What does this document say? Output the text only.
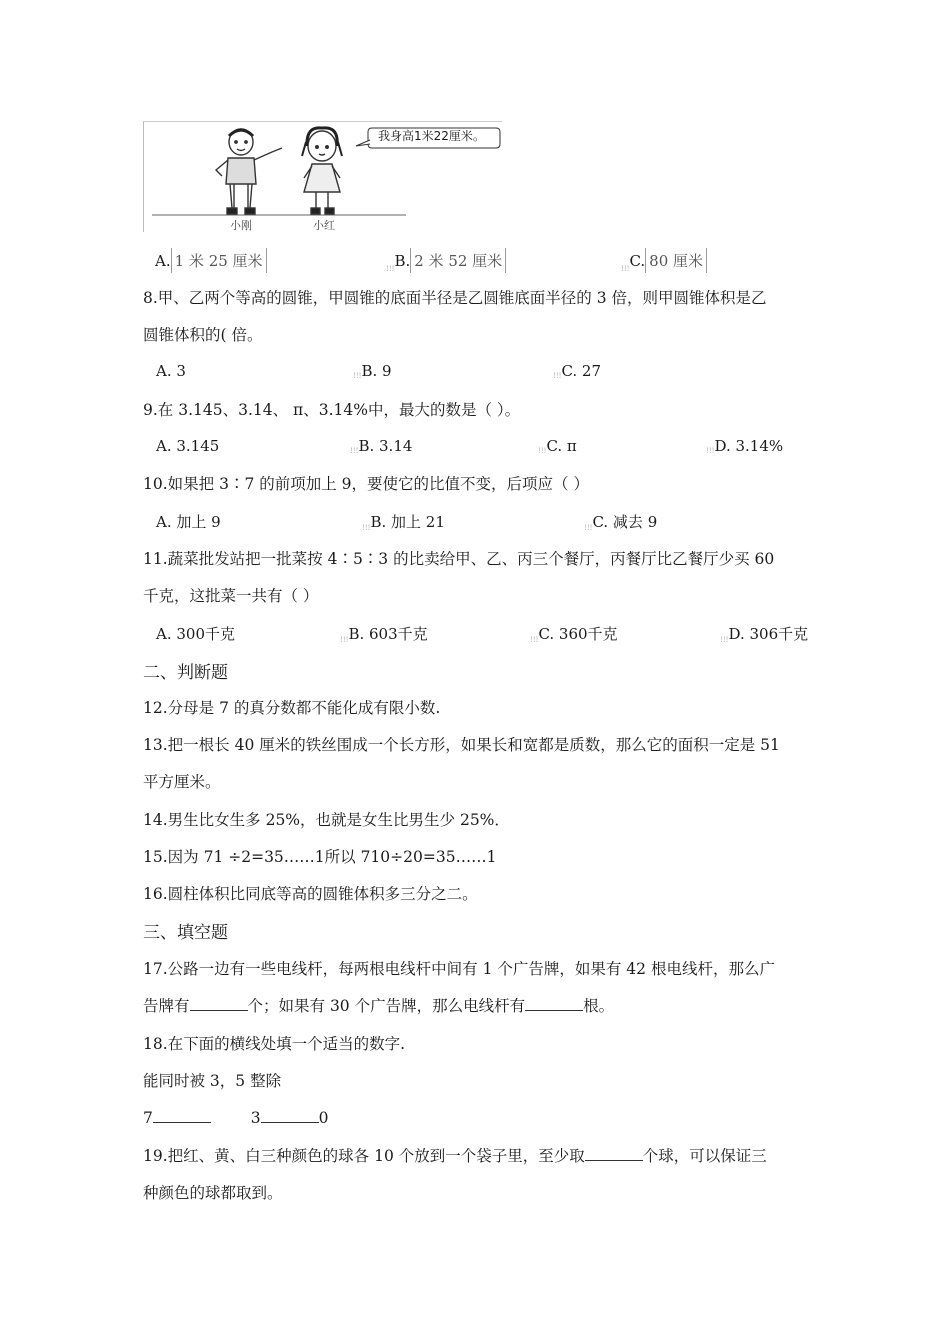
我身高1米22厘米。
小刚	小红
A. 1 米 25 厘米	!!!B. 2 米 52 厘米	!!!C. 80 厘米
8.甲、乙两个等高的圆锥，甲圆锥的底面半径是乙圆锥底面半径的 3 倍，则甲圆锥体积是乙
圆锥体积的( 倍。
A. 3	!!!B. 9	!!!C. 27
9.在 3.145、3.14、 π、3.14%中，最大的数是（ ）。
A. 3.145	!!!B. 3.14	!!!C. π	!!!D. 3.14%
10.如果把 3∶7 的前项加上 9，要使它的比值不变，后项应（ ）
A. 加上 9	!!!B. 加上 21	!!!C. 减去 9
11.蔬菜批发站把一批菜按 4∶5∶3 的比卖给甲、乙、丙三个餐厅，丙餐厅比乙餐厅少买 60
千克，这批菜一共有（ ）
A. 300千克	!!!B. 603千克	!!!C. 360千克	!!!D. 306千克
二、判断题
12.分母是 7 的真分数都不能化成有限小数.
13.把一根长 40 厘米的铁丝围成一个长方形，如果长和宽都是质数，那么它的面积一定是 51
平方厘米。
14.男生比女生多 25%，也就是女生比男生少 25%．
15.因为 71 ÷2=35……1所以 710÷20=35……1
16.圆柱体积比同底等高的圆锥体积多三分之二。
三、填空题
17.公路一边有一些电线杆，每两根电线杆中间有 1 个广告牌，如果有 42 根电线杆，那么广
告牌有	个；如果有 30 个广告牌，那么电线杆有	根。
18.在下面的横线处填一个适当的数字.
能同时被 3，5 整除
7	3	0
19.把红、黄、白三种颜色的球各 10 个放到一个袋子里，至少取	个球，可以保证三
种颜色的球都取到。
